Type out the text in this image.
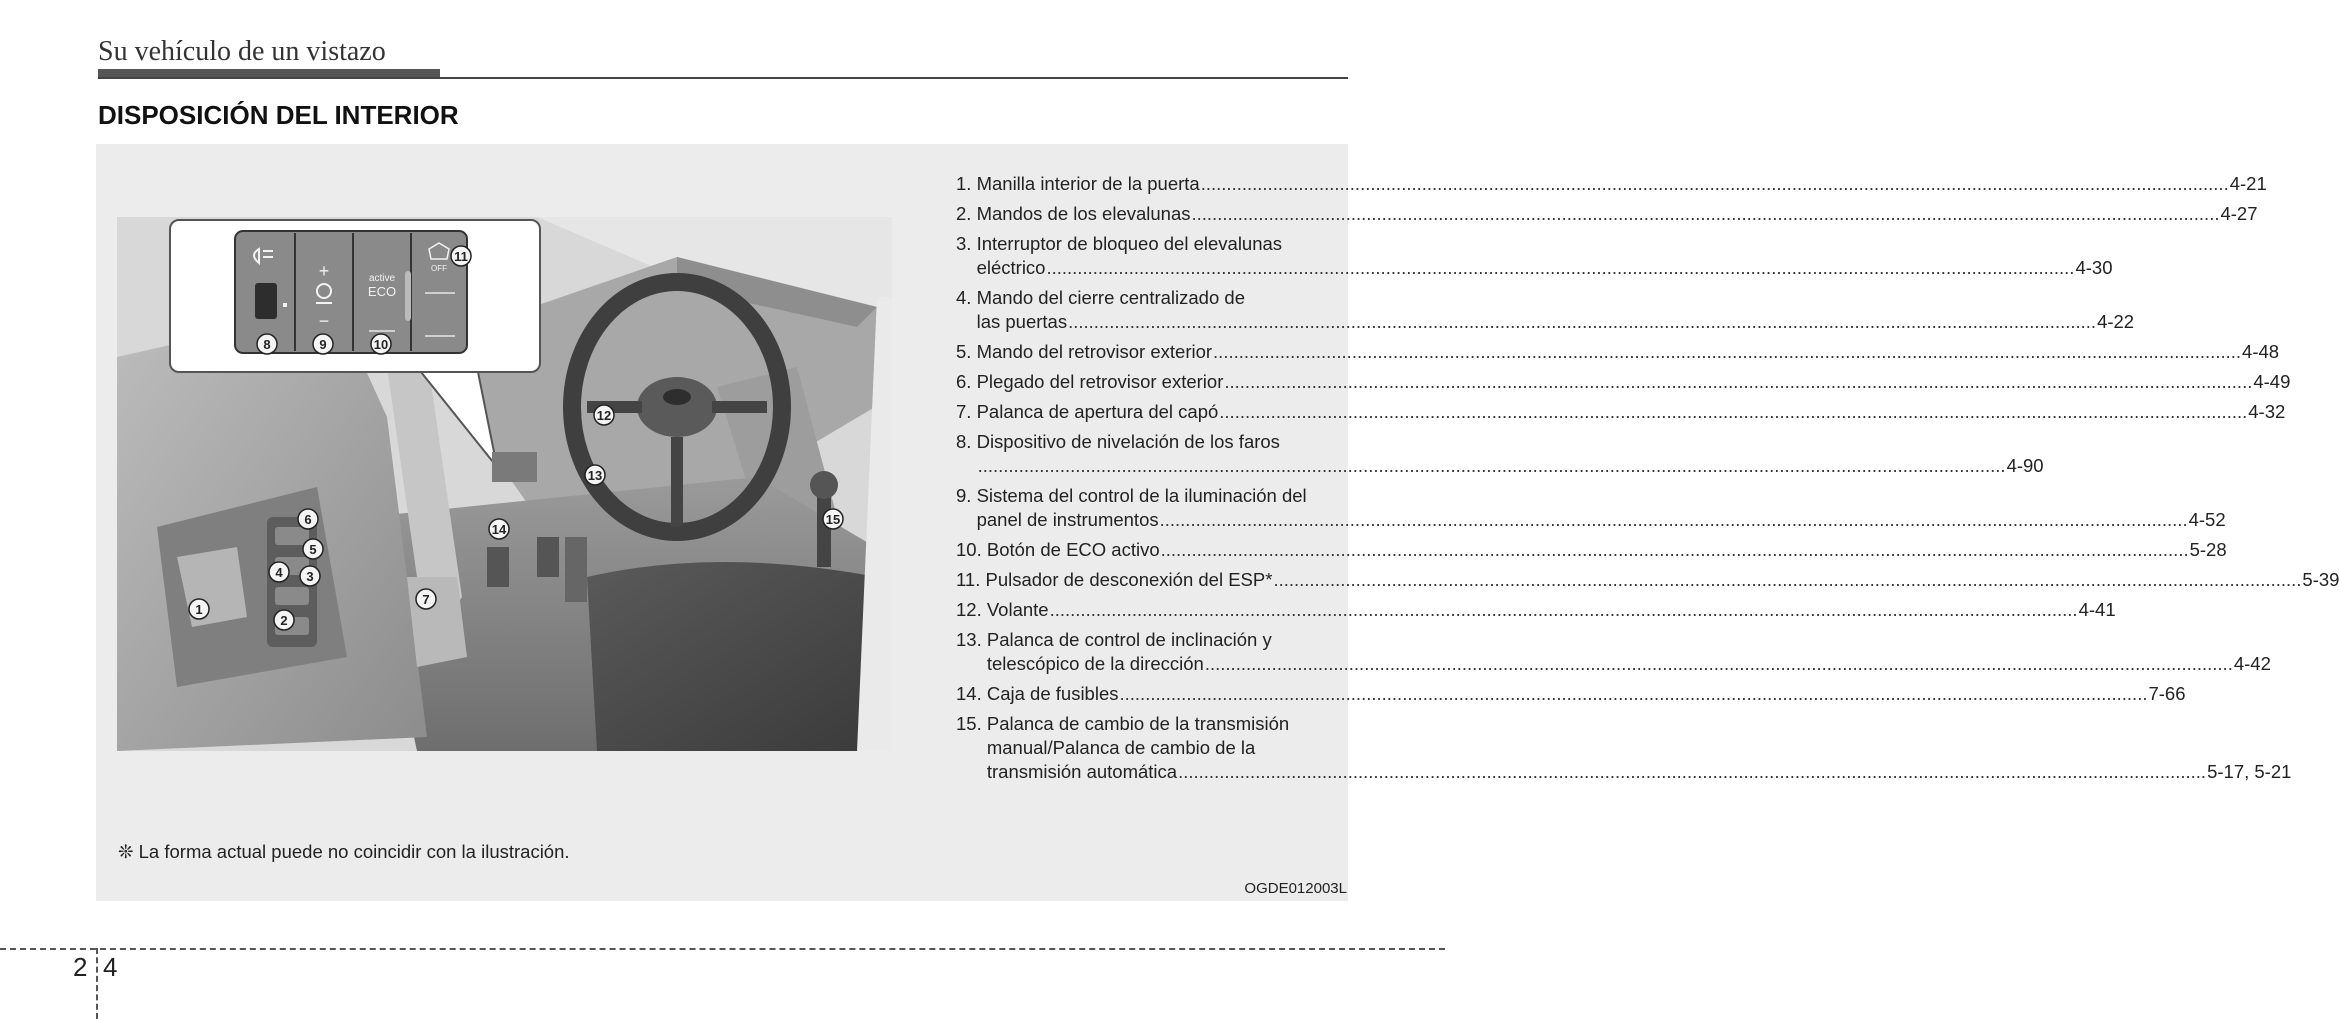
Su vehículo de un vistazo
DISPOSICIÓN DEL INTERIOR
1
2
3
4
5
6
7
12
13
14
15
+
−
active
ECO
OFF
8	9	10
11
1. Manilla interior de la puerta ........................................................................................................................................................................................................ 4-21
2. Mandos de los elevalunas ........................................................................................................................................................................................................ 4-27
3. Interruptor de bloqueo del elevalunas
eléctrico ........................................................................................................................................................................................................ 4-30
4. Mando del cierre centralizado de
las puertas ........................................................................................................................................................................................................ 4-22
5. Mando del retrovisor exterior ........................................................................................................................................................................................................ 4-48
6. Plegado del retrovisor exterior ........................................................................................................................................................................................................ 4-49
7. Palanca de apertura del capó ........................................................................................................................................................................................................ 4-32
8. Dispositivo de nivelación de los faros
........................................................................................................................................................................................................ 4-90
9. Sistema del control de la iluminación del
panel de instrumentos ........................................................................................................................................................................................................ 4-52
10. Botón de ECO activo ........................................................................................................................................................................................................ 5-28
11. Pulsador de desconexión del ESP* ........................................................................................................................................................................................................ 5-39
12. Volante ........................................................................................................................................................................................................ 4-41
13. Palanca de control de inclinación y
telescópico de la dirección ........................................................................................................................................................................................................ 4-42
14. Caja de fusibles ........................................................................................................................................................................................................ 7-66
15. Palanca de cambio de la transmisión
manual/Palanca de cambio de la
transmisión automática ........................................................................................................................................................................................................ 5-17, 5-21
❊ La forma actual puede no coincidir con la ilustración.
OGDE012003L
2 4
